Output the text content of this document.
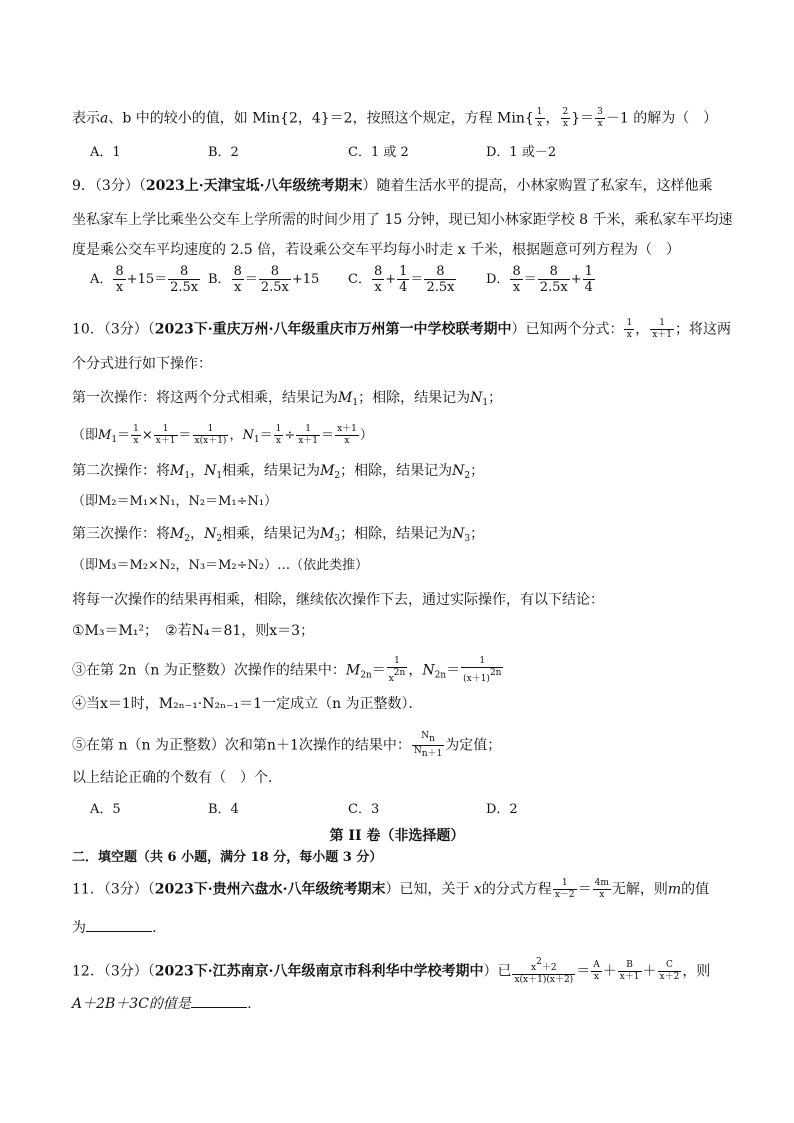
表示a、b 中的较小的值，如 Min{2，4}＝2，按照这个规定，方程 $Min\{ \frac{1}{x}$ ， $\frac{2}{x}$ }＝ $\frac{3}{x} -1$ 的解为（　）
A．1	B．2	C．1 或 2	D．1 或－2
9．（3分）（2023上·天津宝坻·八年级统考期末）随着生活水平的提高，小林家购置了私家车，这样他乘
坐私家车上学比乘坐公交车上学所需的时间少用了 15 分钟，现已知小林家距学校 8 千米，乘私家车平均速
度是乘公交车平均速度的 2.5 倍，若设乘公交车平均每小时走 x 千米，根据题意可列方程为（　）
A． $\frac{8}{x} +15= \frac{8}{2.5x}$ B． $\frac{8}{x} = \frac{8}{2.5x} +15$ C． $\frac{8}{x} + \frac{1}{4} = \frac{8}{2.5x}$ D． $\frac{8}{x} = \frac{8}{2.5x} + \frac{1}{4}$
10．（3分）（2023下·重庆万州·八年级重庆市万州第一中学校联考期中）已知两个分式： $\frac{1}{x}$ ， $\frac{1}{x+1}$ ；将这两
个分式进行如下操作：
第一次操作：将这两个分式相乘，结果记为$M_1$；相除，结果记为$N_1$；
（即$M_1= \frac{1}{x} \times \frac{1}{x+1} = \frac{1}{x(x+1)}$ ，$N_1= \frac{1}{x} \div \frac{1}{x+1} = \frac{x+1}{x}$ ）
第二次操作：将$M_1$，$N_1$相乘，结果记为$M_2$；相除，结果记为$N_2$；
（即M₂＝M₁×N₁，N₂＝M₁÷N₁）
第三次操作：将$M_2$，$N_2$相乘，结果记为$M_3$；相除，结果记为$N_3$；
（即M₃＝M₂×N₂，N₃＝M₂÷N₂）…（依此类推）
将每一次操作的结果再相乘，相除，继续依次操作下去，通过实际操作，有以下结论：
①M₃＝M₁²；　②若N₄＝81，则x＝3；
③在第 2n（n 为正整数）次操作的结果中：$M_{2n}= \frac{1}{x^{2n}}$ ，$N_{2n}= \frac{1}{(x+1)^{2n}}$
④当x＝1时，M₂ₙ₋₁·N₂ₙ₋₁＝1一定成立（n 为正整数）．
⑤在第 n（n 为正整数）次和第n＋1次操作的结果中： $\frac{N_n}{N_{n+1}}$ 为定值；
以上结论正确的个数有（　）个．
A．5	B．4	C．3	D．2
第 II 卷（非选择题）
二．填空题（共 6 小题，满分 18 分，每小题 3 分）
11．（3分）（2023下·贵州六盘水·八年级统考期末）已知，关于 x的分式方程 $\frac{1}{x-2} = \frac{4m}{x}$ 无解，则m的值
为	.
12．（3分）（2023下·江苏南京·八年级南京市科利华中学校考期中）已 $\frac{x^2+2}{x(x+1)(x+2)} = \frac{A}{x} + \frac{B}{x+1} + \frac{C}{x+2}$ ，则
A＋2B＋3C的值是	．
